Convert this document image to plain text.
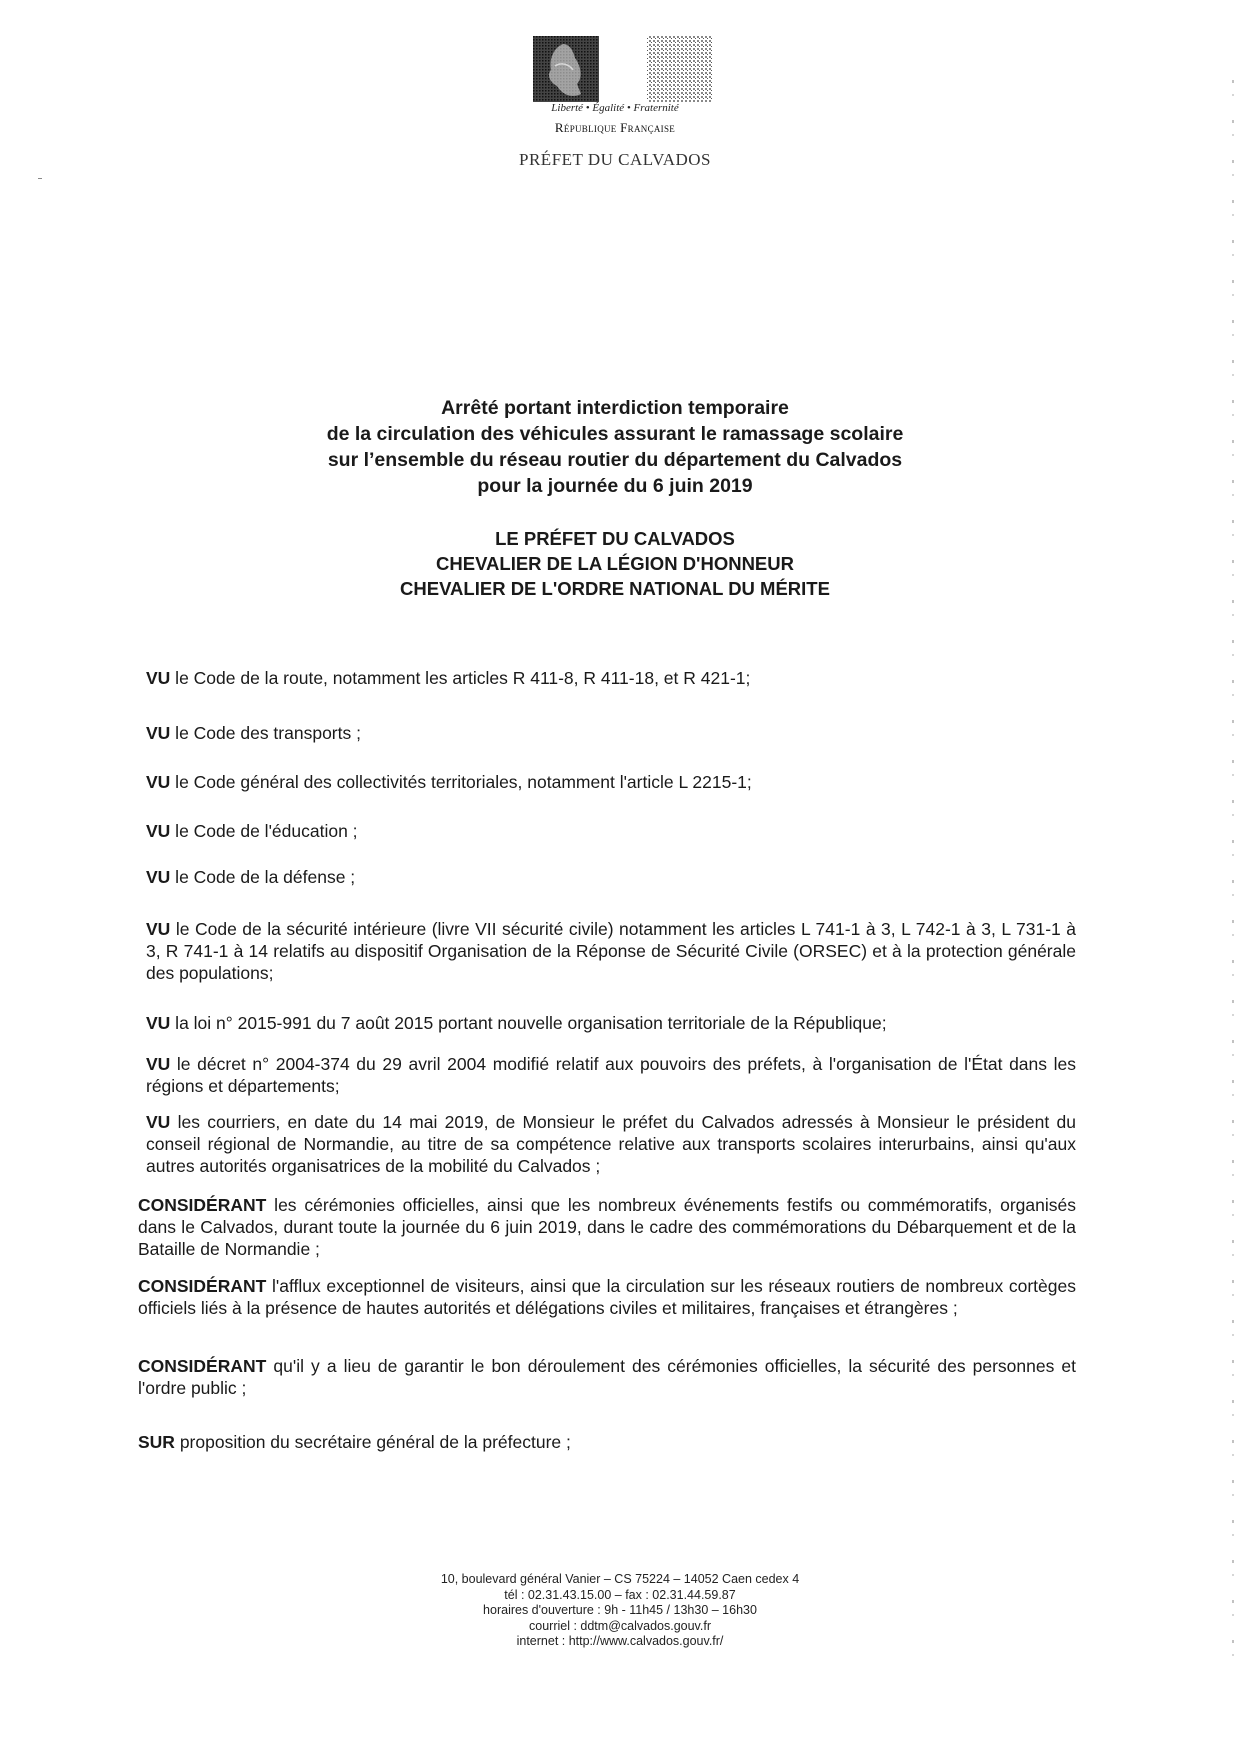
Liberté • Égalité • Fraternité
République Française
PRÉFET DU CALVADOS
Arrêté portant interdiction temporaire
de la circulation des véhicules assurant le ramassage scolaire
sur l’ensemble du réseau routier du département du Calvados
pour la journée du 6 juin 2019
LE PRÉFET DU CALVADOS
CHEVALIER DE LA LÉGION D'HONNEUR
CHEVALIER DE L'ORDRE NATIONAL DU MÉRITE

VU le Code de la route, notamment les articles R 411-8, R 411-18, et R 421-1;

VU le Code des transports ;

VU le Code général des collectivités territoriales, notamment l'article L 2215-1;

VU le Code de l'éducation ;

VU le Code de la défense ;

VU le Code de la sécurité intérieure (livre VII sécurité civile) notamment les articles L 741-1 à 3, L 742-1 à 3, L 731-1 à 3, R 741-1 à 14 relatifs au dispositif Organisation de la Réponse de Sécurité Civile (ORSEC) et à la protection générale des populations;

VU la loi n° 2015-991 du 7 août 2015 portant nouvelle organisation territoriale de la République;

VU le décret n° 2004-374 du 29 avril 2004 modifié relatif aux pouvoirs des préfets, à l'organisation de l'État dans les régions et départements;

VU les courriers, en date du 14 mai 2019, de Monsieur le préfet du Calvados adressés à Monsieur le président du conseil régional de Normandie, au titre de sa compétence relative aux transports scolaires interurbains, ainsi qu'aux autres autorités organisatrices de la mobilité du Calvados ;

CONSIDÉRANT les cérémonies officielles, ainsi que les nombreux événements festifs ou commémoratifs, organisés dans le Calvados, durant toute la journée du 6 juin 2019, dans le cadre des commémorations du Débarquement et de la Bataille de Normandie ;

CONSIDÉRANT l'afflux exceptionnel de visiteurs, ainsi que la circulation sur les réseaux routiers de nombreux cortèges officiels liés à la présence de hautes autorités et délégations civiles et militaires, françaises et étrangères ;

CONSIDÉRANT qu'il y a lieu de garantir le bon déroulement des cérémonies officielles, la sécurité des personnes et l'ordre public ;

SUR proposition du secrétaire général de la préfecture ;

10, boulevard général Vanier – CS 75224 – 14052 Caen cedex 4
tél : 02.31.43.15.00 – fax : 02.31.44.59.87
horaires d'ouverture : 9h - 11h45 / 13h30 – 16h30
courriel : ddtm@calvados.gouv.fr
internet : http://www.calvados.gouv.fr/
